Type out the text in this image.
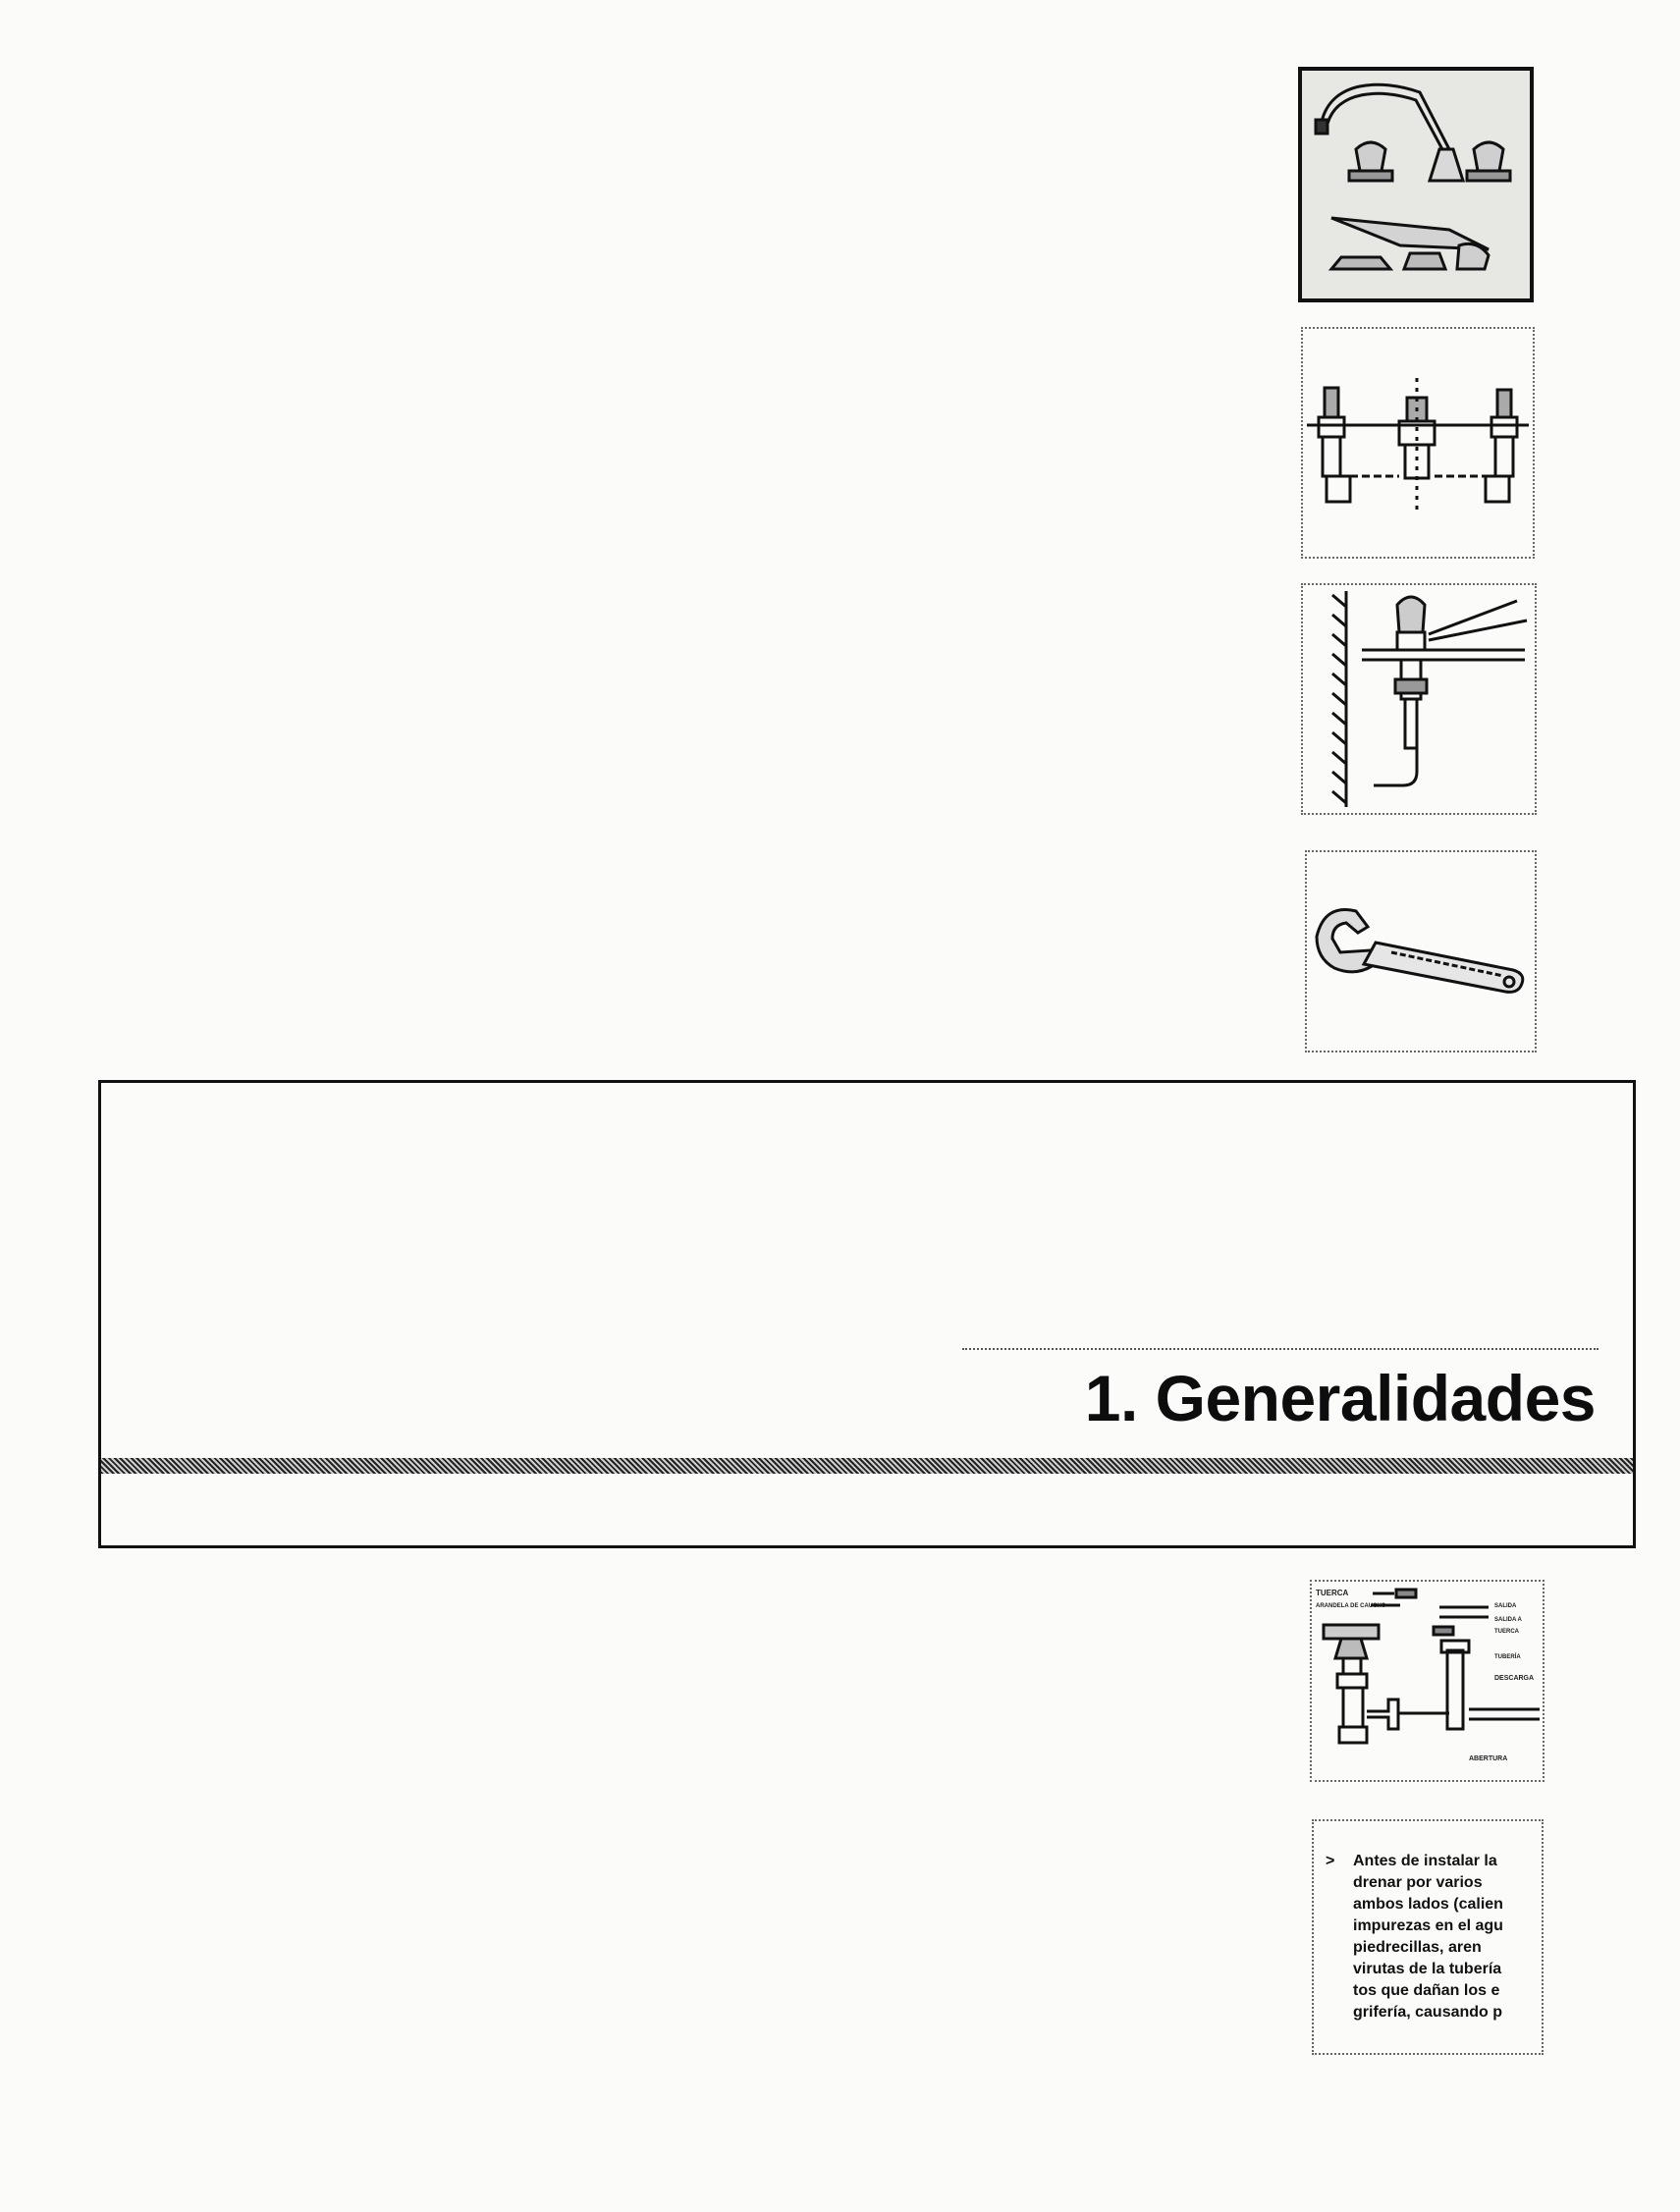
1. Generalidades
TUERCA
ARANDELA DE CAUCHO	SALIDA
SALIDA A
TUERCA
TUBERÍA
DESCARGA
ABERTURA
>	Antes de instalar la
drenar por varios
ambos lados (calien
impurezas en el agu
piedrecillas, aren
virutas de la tubería
tos que dañan los e
grifería, causando p
